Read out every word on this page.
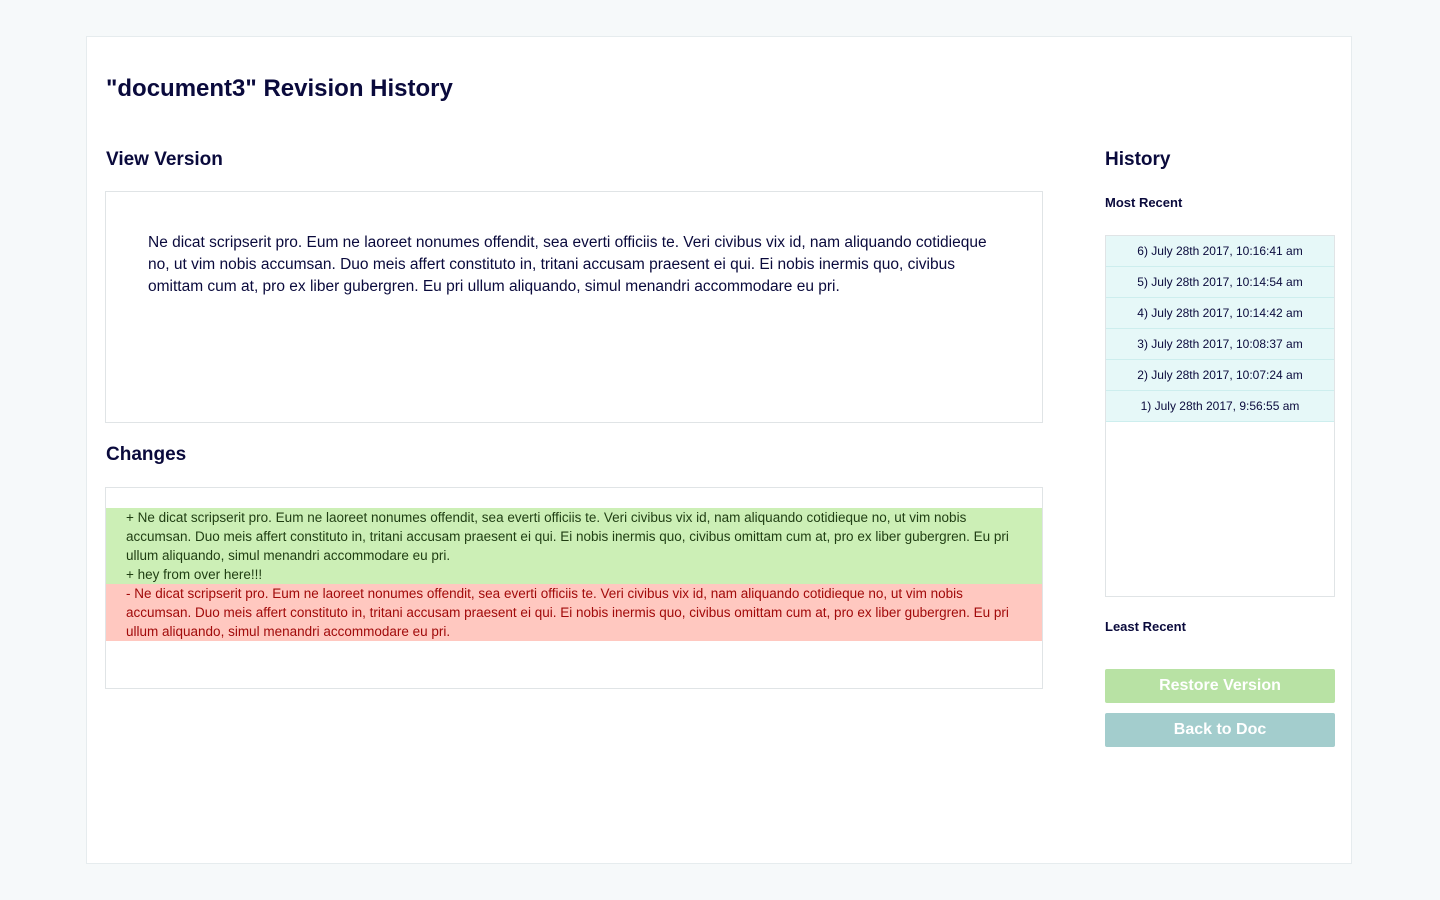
"document3" Revision History
View Version
Ne dicat scripserit pro. Eum ne laoreet nonumes offendit, sea everti officiis te. Veri civibus vix id, nam aliquando cotidieque no, ut vim nobis accumsan. Duo meis affert constituto in, tritani accusam praesent ei qui. Ei nobis inermis quo, civibus omittam cum at, pro ex liber gubergren. Eu pri ullum aliquando, simul menandri accommodare eu pri.
Changes
+ Ne dicat scripserit pro. Eum ne laoreet nonumes offendit, sea everti officiis te. Veri civibus vix id, nam aliquando cotidieque no, ut vim nobis accumsan. Duo meis affert constituto in, tritani accusam praesent ei qui. Ei nobis inermis quo, civibus omittam cum at, pro ex liber gubergren. Eu pri ullum aliquando, simul menandri accommodare eu pri.
+ hey from over here!!!
- Ne dicat scripserit pro. Eum ne laoreet nonumes offendit, sea everti officiis te. Veri civibus vix id, nam aliquando cotidieque no, ut vim nobis accumsan. Duo meis affert constituto in, tritani accusam praesent ei qui. Ei nobis inermis quo, civibus omittam cum at, pro ex liber gubergren. Eu pri ullum aliquando, simul menandri accommodare eu pri.
History
Most Recent
6) July 28th 2017, 10:16:41 am
5) July 28th 2017, 10:14:54 am
4) July 28th 2017, 10:14:42 am
3) July 28th 2017, 10:08:37 am
2) July 28th 2017, 10:07:24 am
1) July 28th 2017, 9:56:55 am
Least Recent
Restore Version
Back to Doc
